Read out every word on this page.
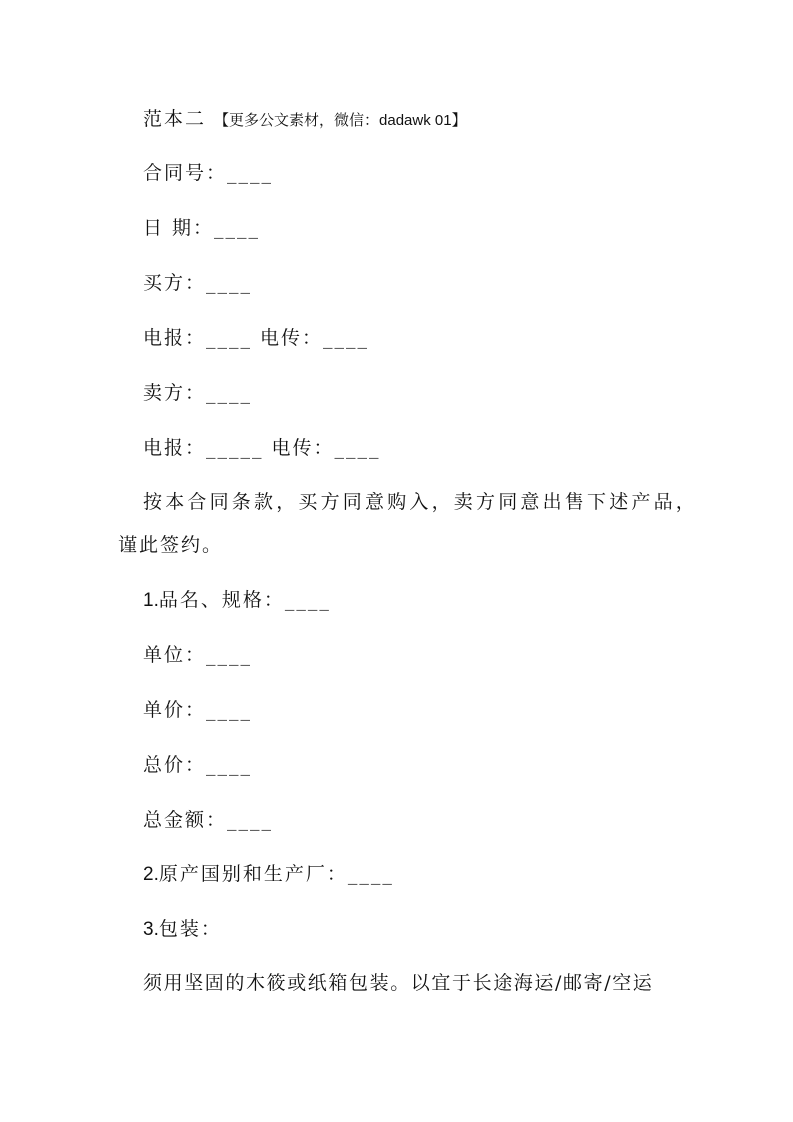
范本二 【更多公文素材，微信：dadawk 01】
合同号：____
日 期：____
买方：____
电报：____ 电传：____
卖方：____
电报：_____ 电传：____
按本合同条款，买方同意购入，卖方同意出售下述产品，
谨此签约。
1.品名、规格：____
单位：____
单价：____
总价：____
总金额：____
2.原产国别和生产厂：____
3.包装：
须用坚固的木筱或纸箱包装。以宜于长途海运/邮寄/空运
